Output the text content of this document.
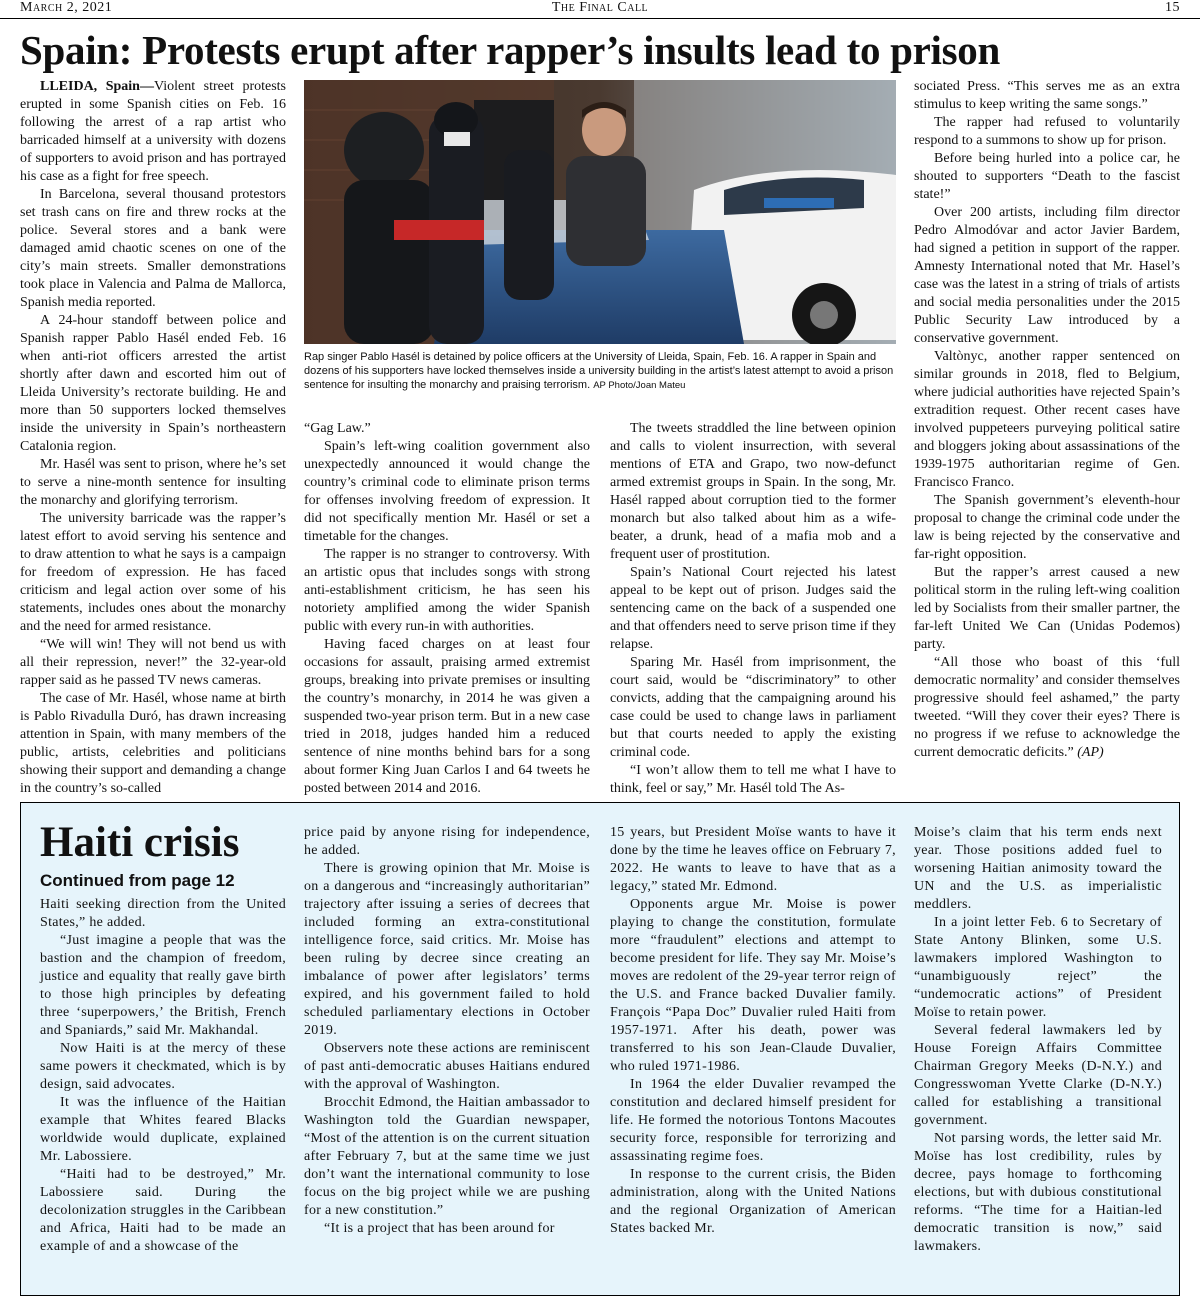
March 2, 2021	The Final Call	15
Spain: Protests erupt after rapper’s insults lead to prison

LLEIDA, Spain—Violent street protests erupted in some Spanish cities on Feb. 16 following the arrest of a rap artist who barricaded himself at a university with dozens of supporters to avoid prison and has portrayed his case as a fight for free speech.

In Barcelona, several thousand protestors set trash cans on fire and threw rocks at the police. Several stores and a bank were damaged amid chaotic scenes on one of the city’s main streets. Smaller demonstrations took place in Valencia and Palma de Mallorca, Spanish media reported.

A 24-hour standoff between police and Spanish rapper Pablo Hasél ended Feb. 16 when anti-riot officers arrested the artist shortly after dawn and escorted him out of Lleida University’s rectorate building. He and more than 50 supporters locked themselves inside the university in Spain’s northeastern Catalonia region.

Mr. Hasél was sent to prison, where he’s set to serve a nine-month sentence for insulting the monarchy and glorifying terrorism.

The university barricade was the rapper’s latest effort to avoid serving his sentence and to draw attention to what he says is a campaign for freedom of expression. He has faced criticism and legal action over some of his statements, includes ones about the monarchy and the need for armed resistance.

“We will win! They will not bend us with all their repression, never!” the 32-year-old rapper said as he passed TV news cameras.

The case of Mr. Hasél, whose name at birth is Pablo Rivadulla Duró, has drawn increasing attention in Spain, with many members of the public, artists, celebrities and politicians showing their support and demanding a change in the country’s so-called

Rap singer Pablo Hasél is detained by police officers at the University of Lleida, Spain, Feb. 16. A rapper in Spain and dozens of his supporters have locked themselves inside a university building in the artist’s latest attempt to avoid a prison sentence for insulting the monarchy and praising terrorism. AP Photo/Joan Mateu

“Gag Law.”

Spain’s left-wing coalition government also unexpectedly announced it would change the country’s criminal code to eliminate prison terms for offenses involving freedom of expression. It did not specifically mention Mr. Hasél or set a timetable for the changes.

The rapper is no stranger to controversy. With an artistic opus that includes songs with strong anti-establishment criticism, he has seen his notoriety amplified among the wider Spanish public with every run-in with authorities.

Having faced charges on at least four occasions for assault, praising armed extremist groups, breaking into private premises or insulting the country’s monarchy, in 2014 he was given a suspended two-year prison term. But in a new case tried in 2018, judges handed him a reduced sentence of nine months behind bars for a song about former King Juan Carlos I and 64 tweets he posted between 2014 and 2016.

The tweets straddled the line between opinion and calls to violent insurrection, with several mentions of ETA and Grapo, two now-defunct armed extremist groups in Spain. In the song, Mr. Hasél rapped about corruption tied to the former monarch but also talked about him as a wife-beater, a drunk, head of a mafia mob and a frequent user of prostitution.

Spain’s National Court rejected his latest appeal to be kept out of prison. Judges said the sentencing came on the back of a suspended one and that offenders need to serve prison time if they relapse.

Sparing Mr. Hasél from imprisonment, the court said, would be “discriminatory” to other convicts, adding that the campaigning around his case could be used to change laws in parliament but that courts needed to apply the existing criminal code.

“I won’t allow them to tell me what I have to think, feel or say,” Mr. Hasél told The As-

sociated Press. “This serves me as an extra stimulus to keep writing the same songs.”

The rapper had refused to voluntarily respond to a summons to show up for prison.

Before being hurled into a police car, he shouted to supporters “Death to the fascist state!”

Over 200 artists, including film director Pedro Almodóvar and actor Javier Bardem, had signed a petition in support of the rapper. Amnesty International noted that Mr. Hasel’s case was the latest in a string of trials of artists and social media personalities under the 2015 Public Security Law introduced by a conservative government.

Valtònyc, another rapper sentenced on similar grounds in 2018, fled to Belgium, where judicial authorities have rejected Spain’s extradition request. Other recent cases have involved puppeteers purveying political satire and bloggers joking about assassinations of the 1939-1975 authoritarian regime of Gen. Francisco Franco.

The Spanish government’s eleventh-hour proposal to change the criminal code under the law is being rejected by the conservative and far-right opposition.

But the rapper’s arrest caused a new political storm in the ruling left-wing coalition led by Socialists from their smaller partner, the far-left United We Can (Unidas Podemos) party.

“All those who boast of this ‘full democratic normality’ and consider themselves progressive should feel ashamed,” the party tweeted. “Will they cover their eyes? There is no progress if we refuse to acknowledge the current democratic deficits.” (AP)

Haiti crisis
Continued from page 12

Haiti seeking direction from the United States,” he added.

“Just imagine a people that was the bastion and the champion of freedom, justice and equality that really gave birth to those high principles by defeating three ‘superpowers,’ the British, French and Spaniards,” said Mr. Makhandal.

Now Haiti is at the mercy of these same powers it checkmated, which is by design, said advocates.

It was the influence of the Haitian example that Whites feared Blacks worldwide would duplicate, explained Mr. Labossiere.

“Haiti had to be destroyed,” Mr. Labossiere said. During the decolonization struggles in the Caribbean and Africa, Haiti had to be made an example of and a showcase of the

price paid by anyone rising for independence, he added.

There is growing opinion that Mr. Moise is on a dangerous and “increasingly authoritarian” trajectory after issuing a series of decrees that included forming an extra-constitutional intelligence force, said critics. Mr. Moise has been ruling by decree since creating an imbalance of power after legislators’ terms expired, and his government failed to hold scheduled parliamentary elections in October 2019.

Observers note these actions are reminiscent of past anti-democratic abuses Haitians endured with the approval of Washington.

Brocchit Edmond, the Haitian ambassador to Washington told the Guardian newspaper, “Most of the attention is on the current situation after February 7, but at the same time we just don’t want the international community to lose focus on the big project while we are pushing for a new constitution.”

“It is a project that has been around for

15 years, but President Moïse wants to have it done by the time he leaves office on February 7, 2022. He wants to leave to have that as a legacy,” stated Mr. Edmond.

Opponents argue Mr. Moise is power playing to change the constitution, formulate more “fraudulent” elections and attempt to become president for life. They say Mr. Moise’s moves are redolent of the 29-year terror reign of the U.S. and France backed Duvalier family. François “Papa Doc” Duvalier ruled Haiti from 1957-1971. After his death, power was transferred to his son Jean-Claude Duvalier, who ruled 1971-1986.

In 1964 the elder Duvalier revamped the constitution and declared himself president for life. He formed the notorious Tontons Macoutes security force, responsible for terrorizing and assassinating regime foes.

In response to the current crisis, the Biden administration, along with the United Nations and the regional Organization of American States backed Mr.

Moise’s claim that his term ends next year. Those positions added fuel to worsening Haitian animosity toward the UN and the U.S. as imperialistic meddlers.

In a joint letter Feb. 6 to Secretary of State Antony Blinken, some U.S. lawmakers implored Washington to “unambiguously reject” the “undemocratic actions” of President Moïse to retain power.

Several federal lawmakers led by House Foreign Affairs Committee Chairman Gregory Meeks (D-N.Y.) and Congresswoman Yvette Clarke (D-N.Y.) called for establishing a transitional government.

Not parsing words, the letter said Mr. Moïse has lost credibility, rules by decree, pays homage to forthcoming elections, but with dubious constitutional reforms. “The time for a Haitian-led democratic transition is now,” said lawmakers.
